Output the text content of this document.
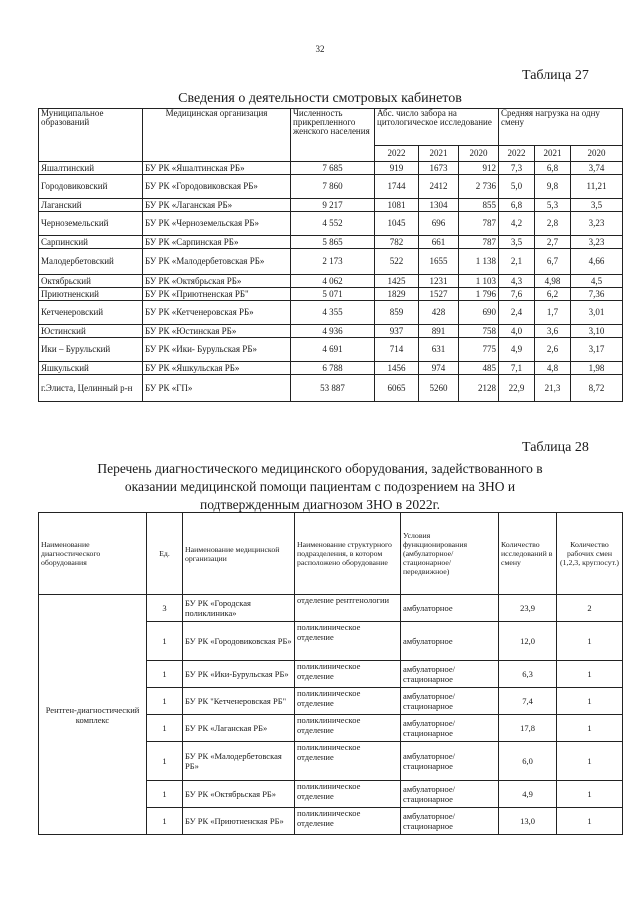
32
Таблица 27
Сведения о деятельности смотровых кабинетов
Муниципальное образований	Медицинская организация	Численность прикрепленного женского населения	Абс. число забора на цитологическое исследование			Средняя нагрузка на одну смену		
			2022	2021	2020	2022	2021	2020
Яшалтинский	БУ РК «Яшалтинская РБ»	7 685	919	1673	912	7,3	6,8	3,74
Городовиковский	БУ РК «Городовиковская РБ»	7 860	1744	2412	2 736	5,0	9,8	11,21
Лаганский	БУ РК «Лаганская РБ»	9 217	1081	1304	855	6,8	5,3	3,5
Черноземельский	БУ РК «Черноземельская РБ»	4 552	1045	696	787	4,2	2,8	3,23
Сарпинский	БУ РК «Сарпинская РБ»	5 865	782	661	787	3,5	2,7	3,23
Малодербетовский	БУ РК «Малодербетовская РБ»	2 173	522	1655	1 138	2,1	6,7	4,66
Октябрьский	БУ РК «Октябрьская РБ»	4 062	1425	1231	1 103	4,3	4,98	4,5
Приютненский	БУ РК «Приютненская РБ"	5 071	1829	1527	1 796	7,6	6,2	7,36
Кетченеровский	БУ РК «Кетченеровская РБ»	4 355	859	428	690	2,4	1,7	3,01
Юстинский	БУ РК «Юстинская РБ»	4 936	937	891	758	4,0	3,6	3,10
Ики – Бурульский	БУ РК «Ики- Бурульская РБ»	4 691	714	631	775	4,9	2,6	3,17
Яшкульский	БУ РК «Яшкульская РБ»	6 788	1456	974	485	7,1	4,8	1,98
г.Элиста, Целинный р-н	БУ РК «ГП»	53 887	6065	5260	2128	22,9	21,3	8,72
Таблица 28
Перечень диагностического медицинского оборудования, задействованного в
оказании медицинской помощи пациентам с подозрением на ЗНО и
подтвержденным диагнозом ЗНО в 2022г.
Наименование диагностического оборудования	Ед.	Наименование медицинской организации	Наименование структурного подразделения, в котором расположено оборудование	Условия функционирования (амбулаторное/ стационарное/ передвижное)	Количество исследований в смену	Количество рабочих смен (1,2,3, круглосут.)
Рентген-диагностический комплекс	3	БУ РК «Городская поликлиника»	отделение рентгенологии	амбулаторное	23,9	2
	1	БУ РК «Городовиковская РБ»	поликлиническое отделение	амбулаторное	12,0	1
	1	БУ РК «Ики-Бурульская РБ»	поликлиническое отделение	амбулаторное/ стационарное	6,3	1
	1	БУ РК "Кетченеровская РБ"	поликлиническое отделение	амбулаторное/ стационарное	7,4	1
	1	БУ РК «Лаганская РБ»	поликлиническое отделение	амбулаторное/ стационарное	17,8	1
	1	БУ РК «Малодербетовская РБ»	поликлиническое отделение	амбулаторное/ стационарное	6,0	1
	1	БУ РК «Октябрьская РБ»	поликлиническое отделение	амбулаторное/ стационарное	4,9	1
	1	БУ РК «Приютненская РБ»	поликлиническое отделение	амбулаторное/ стационарное	13,0	1
